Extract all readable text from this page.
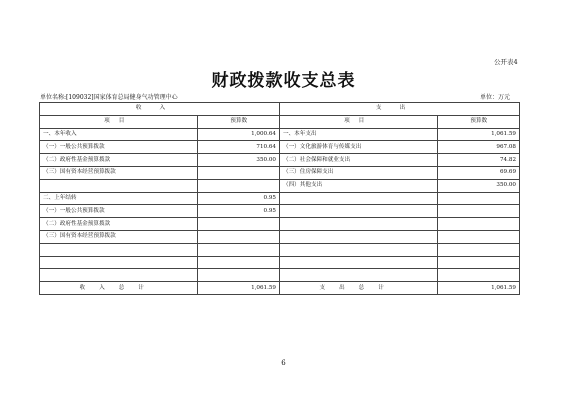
公开表4
财政拨款收支总表
单位名称:[109032]国家体育总局健身气功管理中心	单位：万元
收入		支出	
项目	预算数	项目	预算数
一、本年收入	1,000.64	一、本年支出	1,061.59
（一）一般公共预算拨款	710.64	（一）文化旅游体育与传媒支出	967.08
（二）政府性基金预算拨款	350.00	（二）社会保障和就业支出	74.82
（三）国有资本经营预算拨款		（三）住房保障支出	69.69
		（四）其他支出	350.00
二、上年结转	0.95		
（一）一般公共预算拨款	0.95		
（二）政府性基金预算拨款			
（三）国有资本经营预算拨款			

收入总计	1,061.59	支出总计	1,061.59
6
